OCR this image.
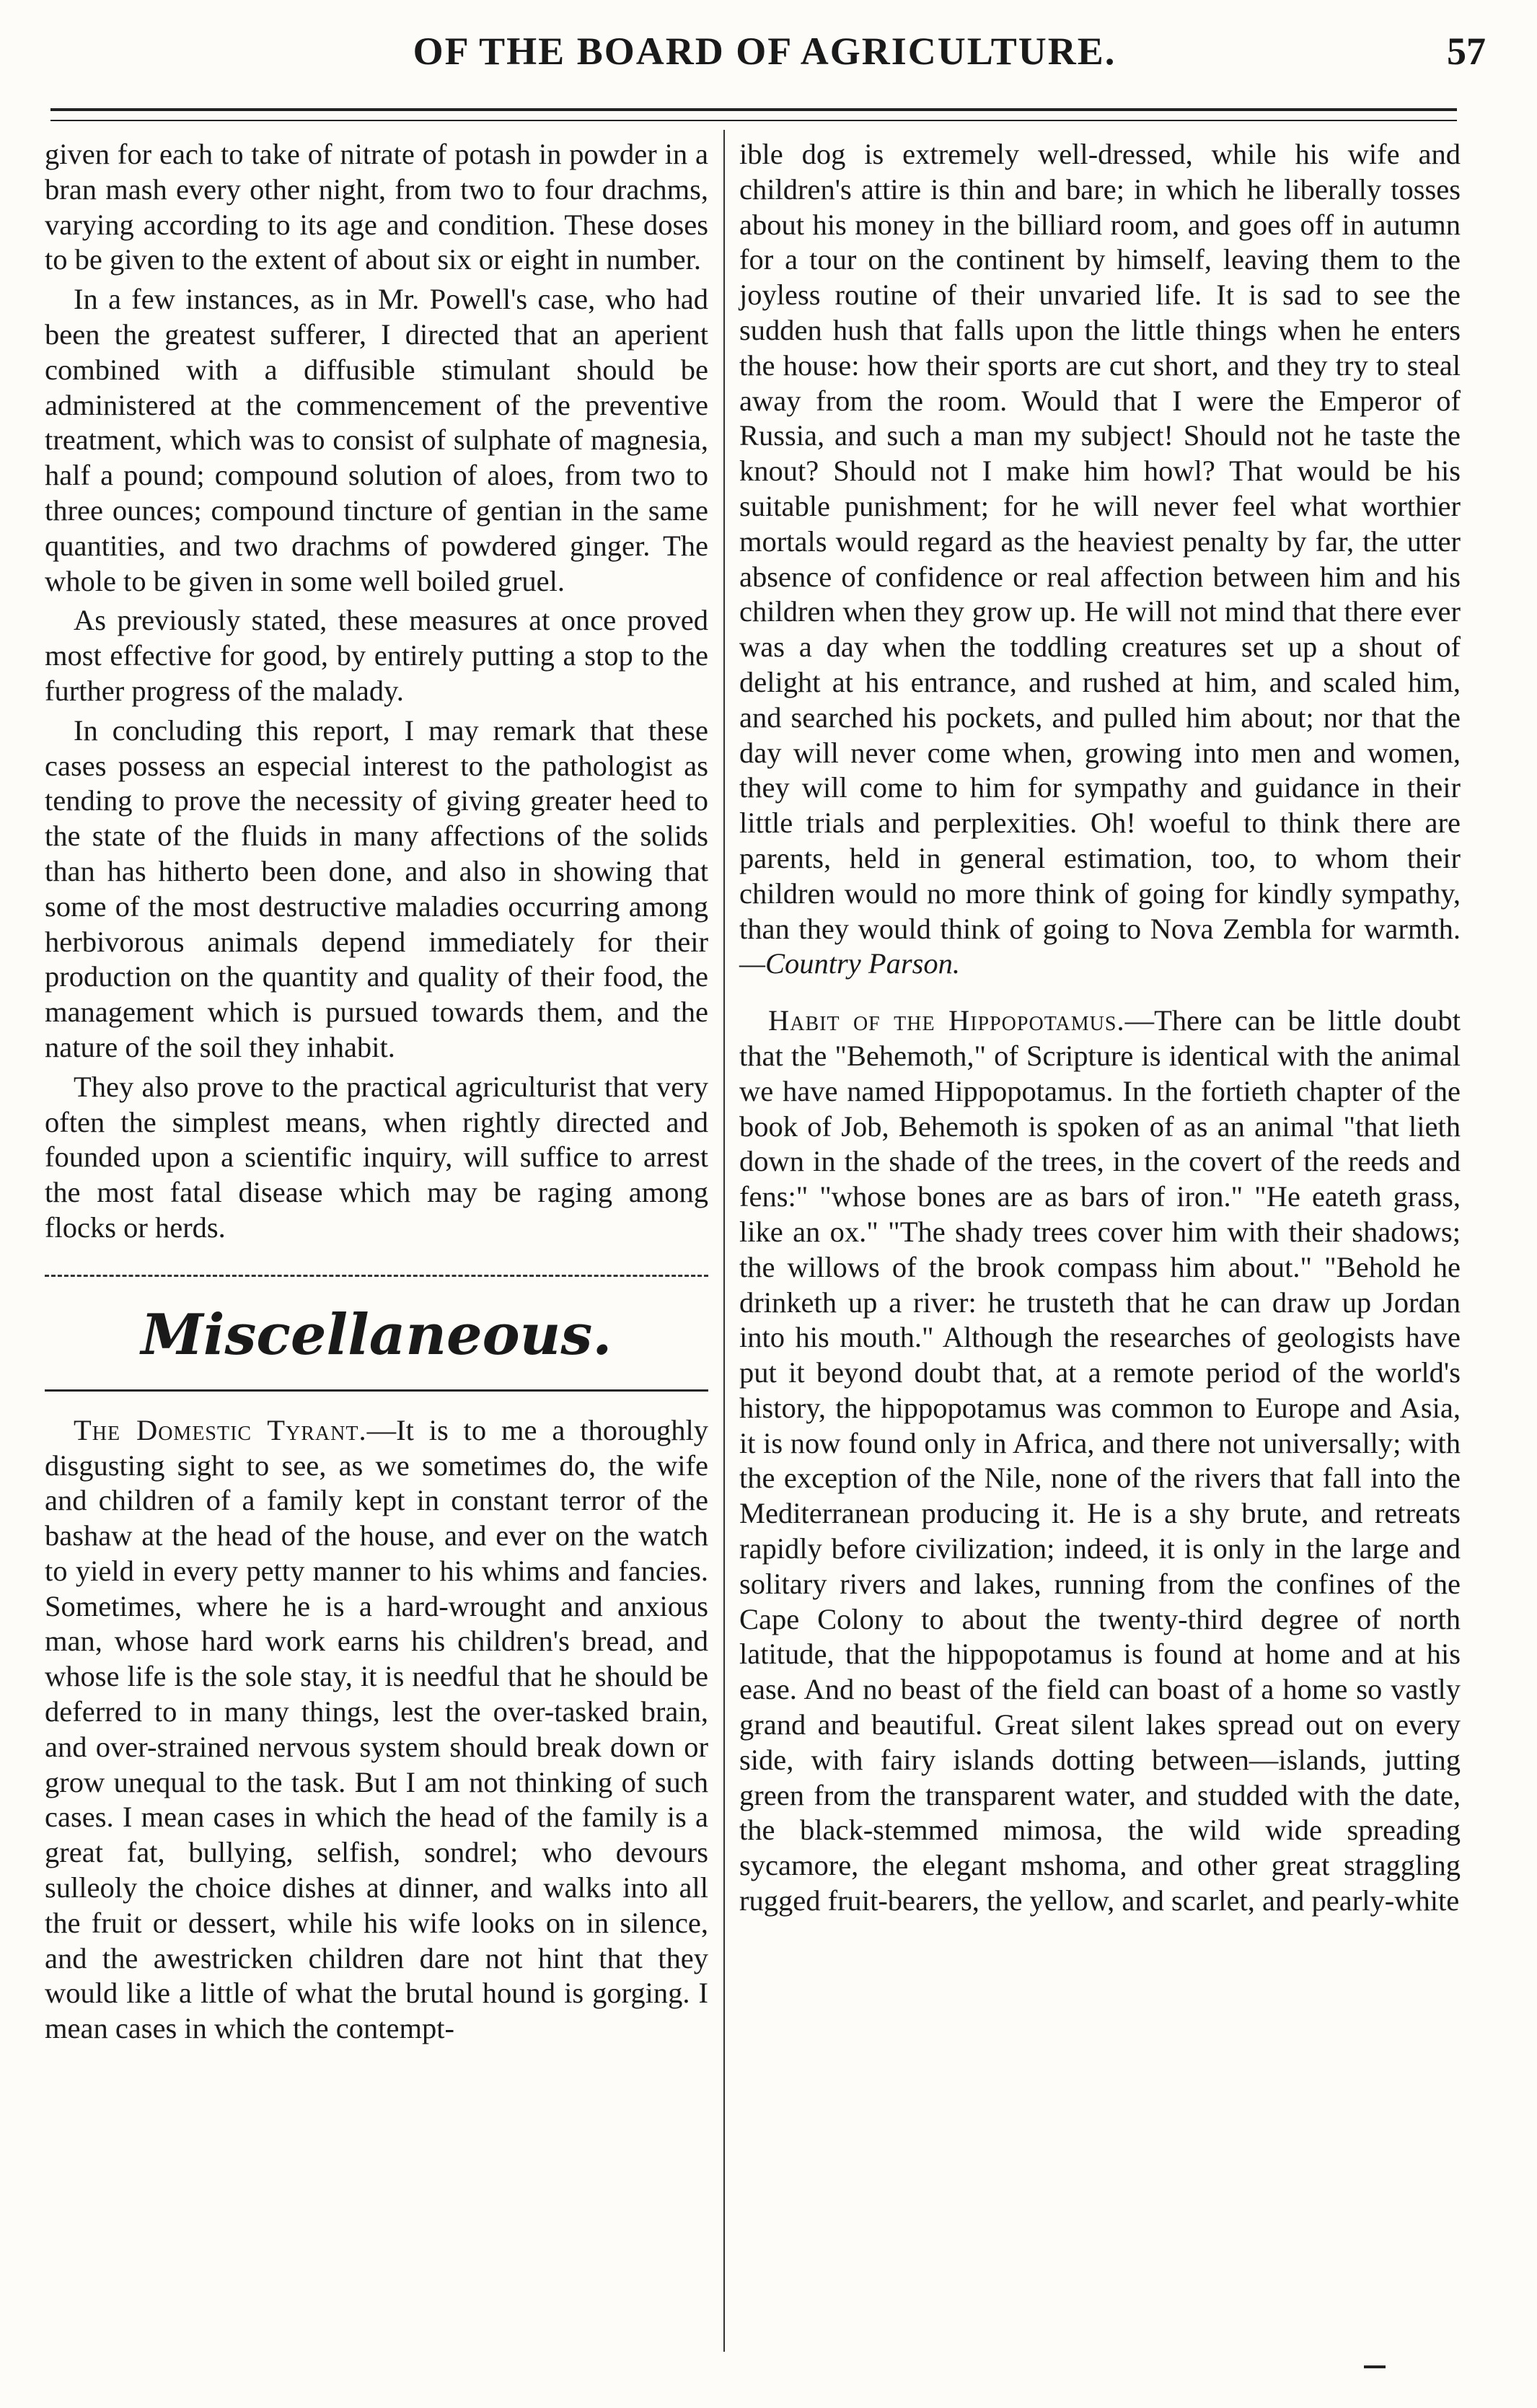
OF THE BOARD OF AGRICULTURE.	57

given for each to take of nitrate of potash in powder in a bran mash every other night, from two to four drachms, varying according to its age and condition. These doses to be given to the extent of about six or eight in number.

In a few instances, as in Mr. Powell's case, who had been the greatest sufferer, I directed that an aperient combined with a diffusible stimulant should be administered at the commencement of the preventive treatment, which was to consist of sulphate of magnesia, half a pound; compound solution of aloes, from two to three ounces; compound tincture of gentian in the same quantities, and two drachms of powdered ginger. The whole to be given in some well boiled gruel.

As previously stated, these measures at once proved most effective for good, by entirely putting a stop to the further progress of the malady.

In concluding this report, I may remark that these cases possess an especial interest to the pathologist as tending to prove the necessity of giving greater heed to the state of the fluids in many affections of the solids than has hitherto been done, and also in showing that some of the most destructive maladies occurring among herbivorous animals depend immediately for their production on the quantity and quality of their food, the management which is pursued towards them, and the nature of the soil they inhabit.

They also prove to the practical agriculturist that very often the simplest means, when rightly directed and founded upon a scientific inquiry, will suffice to arrest the most fatal disease which may be raging among flocks or herds.

Miscellaneous.

The Domestic Tyrant.—It is to me a thoroughly disgusting sight to see, as we sometimes do, the wife and children of a family kept in constant terror of the bashaw at the head of the house, and ever on the watch to yield in every petty manner to his whims and fancies. Sometimes, where he is a hard-wrought and anxious man, whose hard work earns his children's bread, and whose life is the sole stay, it is needful that he should be deferred to in many things, lest the over-tasked brain, and over-strained nervous system should break down or grow unequal to the task. But I am not thinking of such cases. I mean cases in which the head of the family is a great fat, bullying, selfish, sondrel; who devours sulleoly the choice dishes at dinner, and walks into all the fruit or dessert, while his wife looks on in silence, and the awestricken children dare not hint that they would like a little of what the brutal hound is gorging. I mean cases in which the contempt-

ible dog is extremely well-dressed, while his wife and children's attire is thin and bare; in which he liberally tosses about his money in the billiard room, and goes off in autumn for a tour on the continent by himself, leaving them to the joyless routine of their unvaried life. It is sad to see the sudden hush that falls upon the little things when he enters the house: how their sports are cut short, and they try to steal away from the room. Would that I were the Emperor of Russia, and such a man my subject! Should not he taste the knout? Should not I make him howl? That would be his suitable punishment; for he will never feel what worthier mortals would regard as the heaviest penalty by far, the utter absence of confidence or real affection between him and his children when they grow up. He will not mind that there ever was a day when the toddling creatures set up a shout of delight at his entrance, and rushed at him, and scaled him, and searched his pockets, and pulled him about; nor that the day will never come when, growing into men and women, they will come to him for sympathy and guidance in their little trials and perplexities. Oh! woeful to think there are parents, held in general estimation, too, to whom their children would no more think of going for kindly sympathy, than they would think of going to Nova Zembla for warmth.—Country Parson.

Habit of the Hippopotamus.—There can be little doubt that the "Behemoth," of Scripture is identical with the animal we have named Hippopotamus. In the fortieth chapter of the book of Job, Behemoth is spoken of as an animal "that lieth down in the shade of the trees, in the covert of the reeds and fens:" "whose bones are as bars of iron." "He eateth grass, like an ox." "The shady trees cover him with their shadows; the willows of the brook compass him about." "Behold he drinketh up a river: he trusteth that he can draw up Jordan into his mouth." Although the researches of geologists have put it beyond doubt that, at a remote period of the world's history, the hippopotamus was common to Europe and Asia, it is now found only in Africa, and there not universally; with the exception of the Nile, none of the rivers that fall into the Mediterranean producing it. He is a shy brute, and retreats rapidly before civilization; indeed, it is only in the large and solitary rivers and lakes, running from the confines of the Cape Colony to about the twenty-third degree of north latitude, that the hippopotamus is found at home and at his ease. And no beast of the field can boast of a home so vastly grand and beautiful. Great silent lakes spread out on every side, with fairy islands dotting between—islands, jutting green from the transparent water, and studded with the date, the black-stemmed mimosa, the wild wide spreading sycamore, the elegant mshoma, and other great straggling rugged fruit-bearers, the yellow, and scarlet, and pearly-white
